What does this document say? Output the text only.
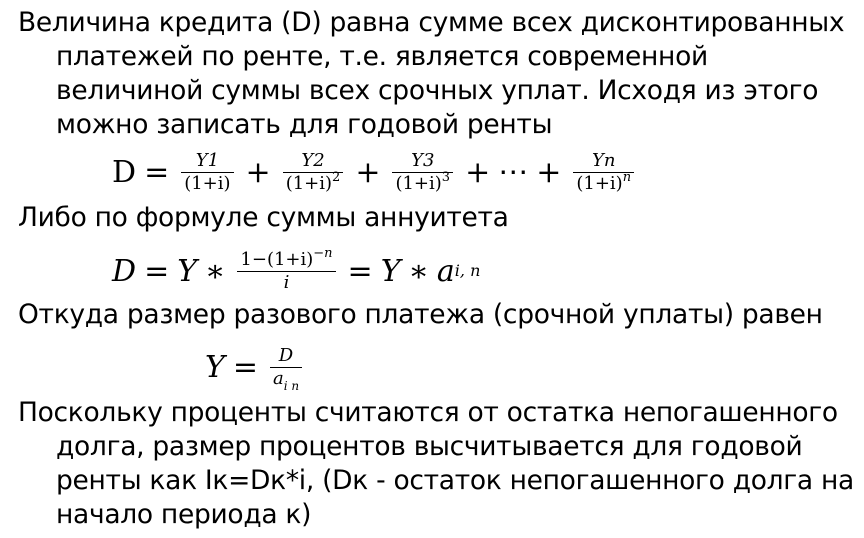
Величина кредита (D) равна сумме всех дисконтированных
платежей по ренте, т.е. является современной
величиной суммы всех срочных уплат. Исходя из этого
можно записать для годовой ренты
$D = \frac{Y1}{(1+i)} + \frac{Y2}{(1+i)^2} + \frac{Y3}{(1+i)^3}$ + ⋯ + $\frac{Yn}{(1+i)^n}$
Либо по формуле суммы аннуитета
D = Y ∗ $\frac{1-(1+i)^{-n}}{i} = Y$ ∗ a i, n
Откуда размер разового платежа (срочной уплаты) равен
$Y = \frac{D}{a_{i n}}$
Поскольку проценты считаются от остатка непогашенного
долга, размер процентов высчитывается для годовой
ренты как Iк=Dк*i, (Dк - остаток непогашенного долга на
начало периода к)
